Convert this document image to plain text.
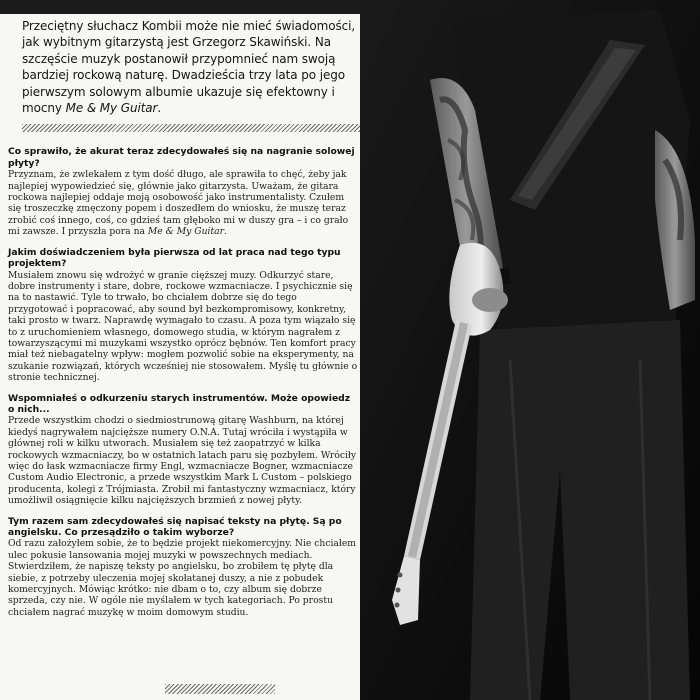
Przeciętny słuchacz Kombii może nie mieć świadomości, jak wybitnym gitarzystą jest Grzegorz Skawiński. Na szczęście muzyk postanowił przypomnieć nam swoją bardziej rockową naturę. Dwadzieścia trzy lata po jego pierwszym solowym albumie ukazuje się efektowny i mocny Me & My Guitar.

Co sprawiło, że akurat teraz zdecydowałeś się na nagranie solowej płyty?

Przyznam, że zwlekałem z tym dość długo, ale sprawiła to chęć, żeby jak najlepiej wypowiedzieć się, głównie jako gitarzysta. Uważam, że gitara rockowa najlepiej oddaje moją osobowość jako instrumentalisty. Czułem się troszeczkę zmęczony popem i doszedłem do wniosku, że muszę teraz zrobić coś innego, coś, co gdzieś tam głęboko mi w duszy gra – i co grało mi zawsze. I przyszła pora na Me & My Guitar.

Jakim doświadczeniem była pierwsza od lat praca nad tego typu projektem?

Musiałem znowu się wdrożyć w granie cięższej muzy. Odkurzyć stare, dobre instrumenty i stare, dobre, rockowe wzmacniacze. I psychicznie się na to nastawić. Tyle to trwało, bo chciałem dobrze się do tego przygotować i popracować, aby sound był bezkompromisowy, konkretny, taki prosto w twarz. Naprawdę wymagało to czasu. A poza tym wiązało się to z uruchomieniem własnego, domowego studia, w którym nagrałem z towarzyszącymi mi muzykami wszystko oprócz bębnów. Ten komfort pracy miał też niebagatelny wpływ: mogłem pozwolić sobie na eksperymenty, na szukanie rozwiązań, których wcześniej nie stosowałem. Myślę tu głównie o stronie technicznej.

Wspomniałeś o odkurzeniu starych instrumentów. Może opowiedz o nich...

Przede wszystkim chodzi o siedmiostrunową gitarę Washburn, na której kiedyś nagrywałem najcięższe numery O.N.A. Tutaj wróciła i wystąpiła w głównej roli w kilku utworach. Musiałem się też zaopatrzyć w kilka rockowych wzmacniaczy, bo w ostatnich latach paru się pozbyłem. Wróciły więc do łask wzmacniacze firmy Engl, wzmacniacze Bogner, wzmacniacze Custom Audio Electronic, a przede wszystkim Mark L Custom – polskiego producenta, kolegi z Trójmiasta. Zrobił mi fantastyczny wzmacniacz, który umożliwił osiągnięcie kilku najcięższych brzmień z nowej płyty.

Tym razem sam zdecydowałeś się napisać teksty na płytę. Są po angielsku. Co przesądziło o takim wyborze?

Od razu założyłem sobie, że to będzie projekt niekomercyjny. Nie chciałem ulec pokusie lansowania mojej muzyki w powszechnych mediach. Stwierdziłem, że napiszę teksty po angielsku, bo zrobiłem tę płytę dla siebie, z potrzeby uleczenia mojej skołatanej duszy, a nie z pobudek komercyjnych. Mówiąc krótko: nie dbam o to, czy album się dobrze sprzeda, czy nie. W ogóle nie myślałem w tych kategoriach. Po prostu chciałem nagrać muzykę w moim domowym studiu.
